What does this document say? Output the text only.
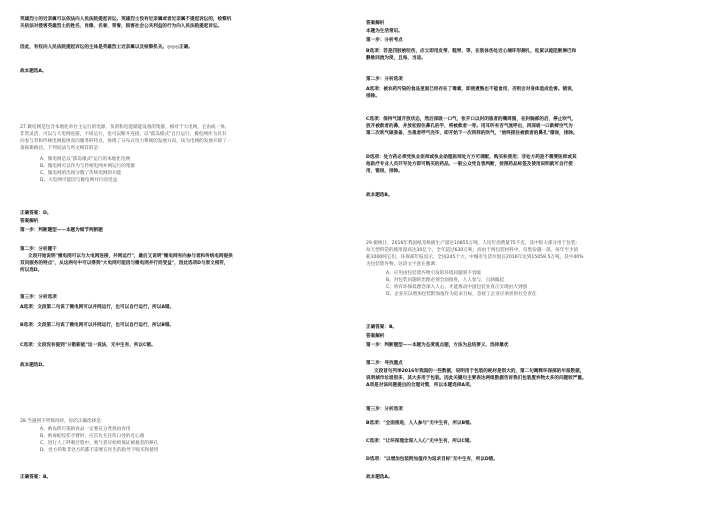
英雄烈士的近亲属可以依法向人民法院提起诉讼。英雄烈士没有近亲属或者近亲属不提起诉讼的，检察机
关依法对侵害英雄烈士的姓名、肖像、名誉、荣誉，损害社会公共利益的行为向人民法院提起诉讼。
因此，有权向人民法院提起诉讼的主体是英雄烈士近亲属以及检察机关。◎◎◎正确。
故本题选A。
27.微电网是包含本地化单台主运行的电源、负荷和电能储能设备的集群，相对于大电网，它由或一体，
非常灵活，可以与大电网连接，不同运行，也可以断开连接，以"孤岛模式"自行运行，微电网作为具有
向参与者和传统电网提供双向服务的特点，体现了分布式电力系统的发展方向，该为电网的发展开辟了一
条崭新路径。下列说法与所文相符的是：
A、微电网是以"孤岛模式"运行的本地化电网
B、微电网可以作为与传统电网并网运行的集群
C、微电网的出现分散了传统电网的功能
D、大电网可能因与微电网并行而受益
正确答案：D。
答案解析
第一步：判断题型——本题为细节判断题
第二步：分析题干
文段开始说明"微电网可以与大电网连接，并网运行"，最后又说明"微电网有向参与者和传统电网提供
双向服务的特点"，从这两句中可以得到"大电网可能因与微电网并行而受益"，因此选项D与原文相符，
所以选D。
第三步：分析选项
A选项：文段第二句说了微电网可以并网运行，也可以自行运行，所以A错。
B选项：文段第二句说了微电网可以并网运行，也可以自行运行，所以B错。
C选项：文段没有提到"分散新能"这一说法，无中生有，所以C错。
故本题选D。
28.当遇到下列情况时，你的正确选择是：
A、被农药污染的食品一定要充分煮熟再食用
B、被毒蛇咬伤手臂时，应首先尤任伤口处的近心端
C、进行人工呼吸过程中，吹气者应始终保证被救者的鼻孔
D、处方药和非处方药都不需要在医生的指导下购买和使用
正确答案：B。
答案解析
本题为生活常识。
第一步：分析考点
B选项：若是四肢被咬伤，应立即用皮带、鞋带、等，在肢体伤处近心端环形捆扎，松紧以能阻断淋巴和
静脉回流为度，且每，当适。
第二步：分析选项
A选项：被农药污染的食品里面已经存在了毒素，即使煮熟也不能食用，否则会对身体造成危害。错误，
排除。
C选项：保持气道开放状态，然后深吸一口气，张开口以封闭患者的嘴周围，在封胸部的启，停止吹气，
放开被救者的鼻，并放松捏住鼻孔的手，将被救者一旁。用耳听有否气流呼出，再深吸一口新鲜空气为
第二次吹气做准备，当患者呼气完毕，即开始下一次同样的吹气，"始终捏住被救者的鼻孔"错误，排除。
D选项：处方药必须凭执业医师或执业助理医师处方方可调配，购买和使用；非处方药是不需要医师或其
他医疗专业人员开写处方即可购买的药品，一般公众凭自我判断，按照药品标签及使用说明就可自行使
用，错误，排除。
故本题选B。
29.据统计，2016年我国纸及纸板生产量达10855万吨，人均年消费量75千克，其中很大部分用于包装;
每天塑料袋的使用量高达30亿个，全年超过630万吨；而由于两包装材料中，仅集份越一部，每年至少消
耗1000吨它们，环保部年报显示，全国245个大、中城市生活垃圾在2016年达到15059.5万吨，其中40%
为包装废弃物。这段文字意在强调：
A、应用由包装废弃物引发的环境问题刻不容缓
B、对包装问题的治理必须全面推进，人人参与，点滴做起
C、将有环保低理念深入人心，才能推动中国包装业真正实现由大到强
D、企业应以增加包装附加值作为追求目标，忽视了企业应承担的社会责任
正确答案：B。
答案解析
第一步：判断题型——本题为态度观点题，方法为总结要义、选择最优
第二步：寻找重点
文段首句列举2016年我国的一些数据，说明用于包装的耗材是很大的，第二句阐释环保部的年报数据，
说明城市垃圾很多，其大多用于包装。因此关键句主要表达两组数据告诉我们包装废弃物太多的问题较严重。
A项是对该问题提出的合理对策，所以本题选择A项。
第三步：分析选项
B选项："全面推进，人人参与"无中生有，所以B错。
C选项："让环保理念深入人心"无中生有，所以C错。
D选项："以增加包装附加值作为追求目标"无中生有，所以D错。
故本题选A。
